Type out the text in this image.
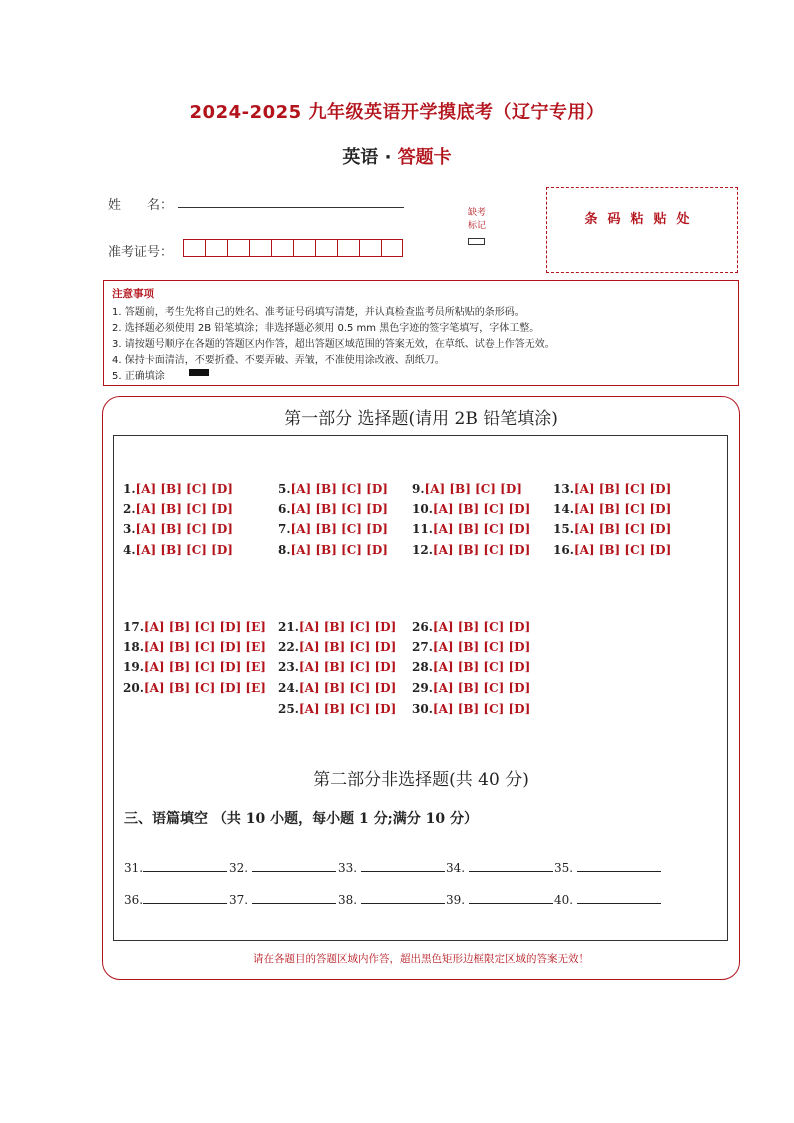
2024-2025 九年级英语开学摸底考（辽宁专用）
英语 · 答题卡
姓　　名：
准考证号：
缺考
标记	条码粘贴处
注意事项
1. 答题前，考生先将自己的姓名、准考证号码填写清楚，并认真检查监考员所粘贴的条形码。
2. 选择题必须使用 2B 铅笔填涂；非选择题必须用 0.5 mm 黑色字迹的签字笔填写，字体工整。
3. 请按题号顺序在各题的答题区内作答，超出答题区域范围的答案无效，在草纸、试卷上作答无效。
4. 保持卡面清洁，不要折叠、不要弄破、弄皱，不准使用涂改液、刮纸刀。
5. 正确填涂
第一部分 选择题(请用 2B 铅笔填涂)
1.[A] [B] [C] [D]
2.[A] [B] [C] [D]
3.[A] [B] [C] [D]
4.[A] [B] [C] [D]
5.[A] [B] [C] [D]
6.[A] [B] [C] [D]
7.[A] [B] [C] [D]
8.[A] [B] [C] [D]
9.[A] [B] [C] [D]
10.[A] [B] [C] [D]
11.[A] [B] [C] [D]
12.[A] [B] [C] [D]
13.[A] [B] [C] [D]
14.[A] [B] [C] [D]
15.[A] [B] [C] [D]
16.[A] [B] [C] [D]
17.[A] [B] [C] [D] [E]
18.[A] [B] [C] [D] [E]
19.[A] [B] [C] [D] [E]
20.[A] [B] [C] [D] [E]
21.[A] [B] [C] [D]
22.[A] [B] [C] [D]
23.[A] [B] [C] [D]
24.[A] [B] [C] [D]
25.[A] [B] [C] [D]
26.[A] [B] [C] [D]
27.[A] [B] [C] [D]
28.[A] [B] [C] [D]
29.[A] [B] [C] [D]
30.[A] [B] [C] [D]
第二部分非选择题(共 40 分)
三、语篇填空 （共 10 小题，每小题 1 分;满分 10 分）
31.	32.	33.	34.	35.
36.	37.	38.	39.	40.
请在各题目的答题区域内作答，超出黑色矩形边框限定区域的答案无效！
